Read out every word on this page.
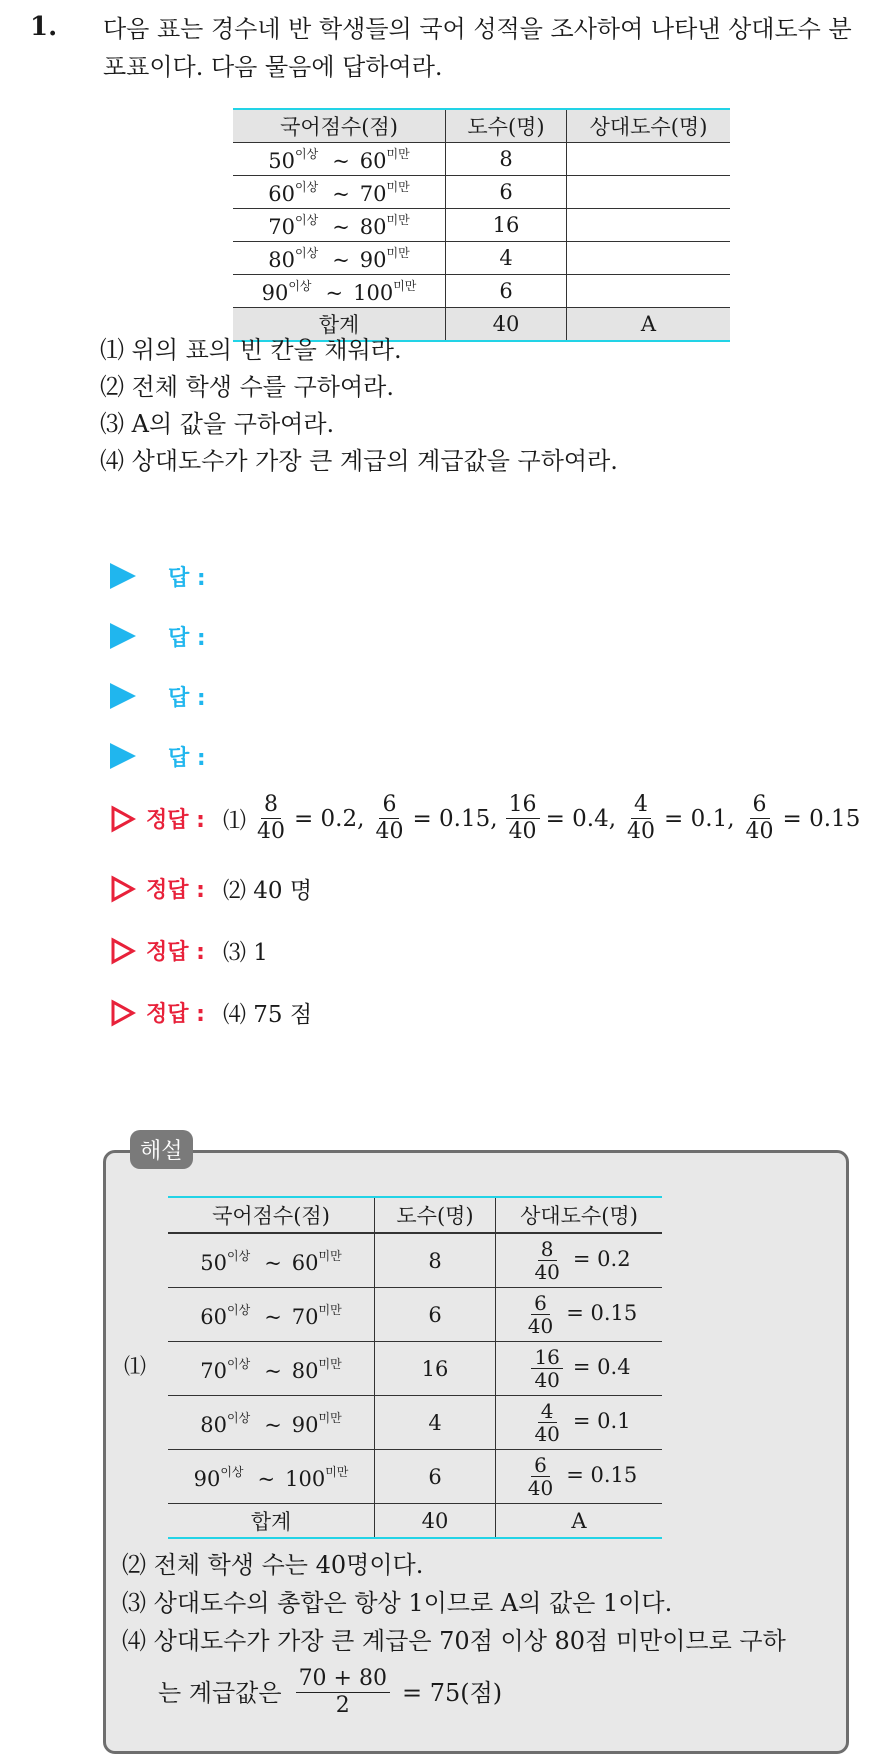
1. 다음 표는 경수네 반 학생들의 국어 성적을 조사하여 나타낸 상대도수 분포표이다. 다음 물음에 답하여라.
국어점수(점)	도수(명)	상대도수(명)
$50^{이상}$ ~ $60^{미만}$	8	
$60^{이상}$ ~ $70^{미만}$	6	
$70^{이상}$ ~ $80^{미만}$	16	
$80^{이상}$ ~ $90^{미만}$	4	
$90^{이상}$ ~ $100^{미만}$	6	
합계	40	A
⑴ 위의 표의 빈 칸을 채워라.
⑵ 전체 학생 수를 구하여라.
⑶ A의 값을 구하여라.
⑷ 상대도수가 가장 큰 계급의 계급값을 구하여라.
답 :
답 :
답 :
답 :
정답 : ⑴ $\frac{8}{40} = 0.2$, $\frac{6}{40} = 0.15$, $\frac{16}{40} = 0.4$, $\frac{4}{40} = 0.1$, $\frac{6}{40} = 0.15$
정답 : ⑵ 40 명
정답 : ⑶ 1
정답 : ⑷ 75 점
해설
⑴
국어점수(점)	도수(명)	상대도수(명)
$50^{이상}$ ~ $60^{미만}$	8	$\frac{8}{40} = 0.2$
$60^{이상}$ ~ $70^{미만}$	6	$\frac{6}{40} = 0.15$
$70^{이상}$ ~ $80^{미만}$	16	$\frac{16}{40} = 0.4$
$80^{이상}$ ~ $90^{미만}$	4	$\frac{4}{40} = 0.1$
$90^{이상}$ ~ $100^{미만}$	6	$\frac{6}{40} = 0.15$
합계	40	A
⑵ 전체 학생 수는 40명이다.
⑶ 상대도수의 총합은 항상 1이므로 A의 값은 1이다.
⑷ 상대도수가 가장 큰 계급은 70점 이상 80점 미만이므로 구하
는 계급값은 $\frac{70 + 80}{2} = 75$(점)
